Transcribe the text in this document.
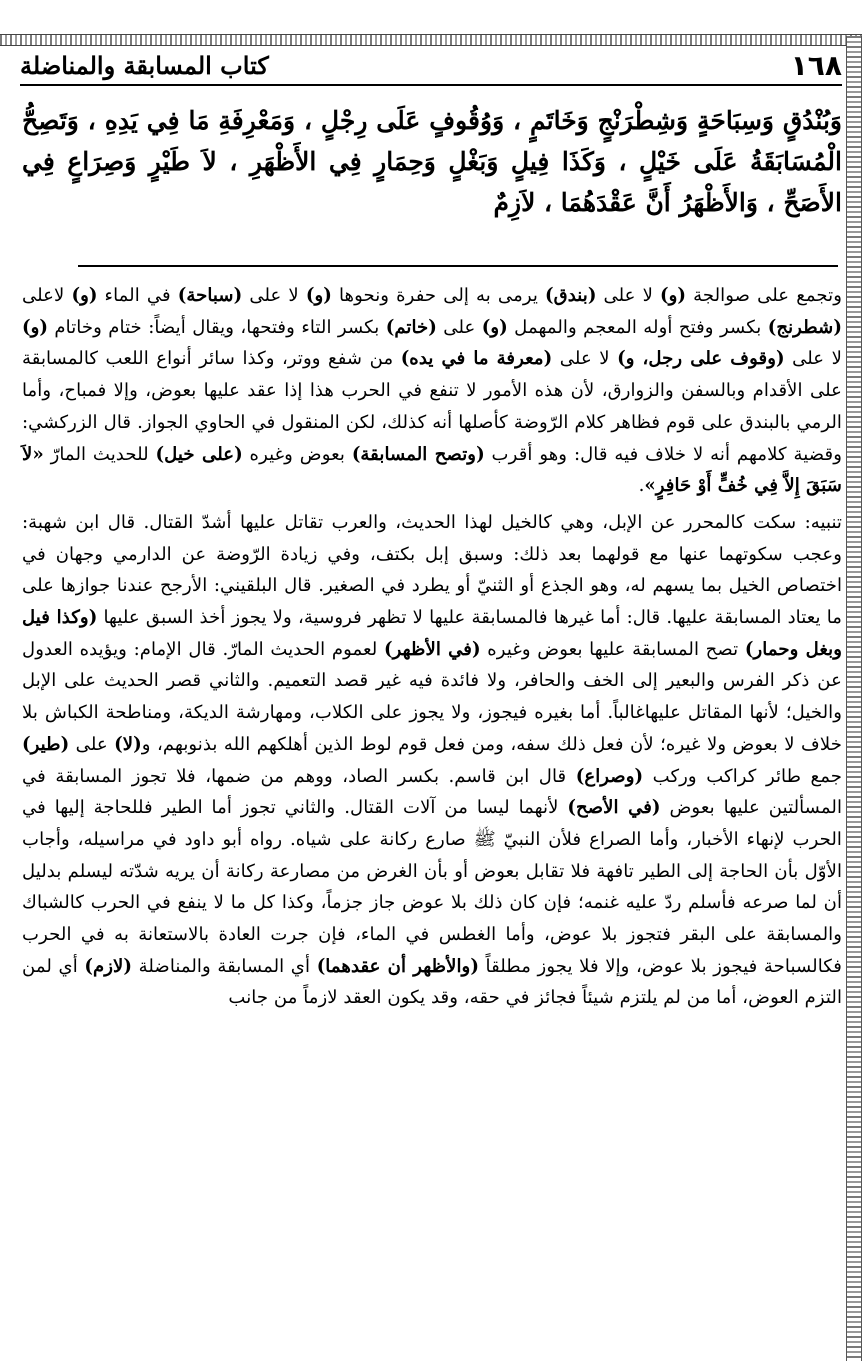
١٦٨
كتاب المسابقة والمناضلة

وَبُنْدُقٍ وَسِبَاحَةٍ وَشِطْرَنْجٍ وَخَاتَمٍ ، وَوُقُوفٍ عَلَى رِجْلٍ ، وَمَعْرِفَةِ مَا فِي يَدِهِ ، وَتَصِحُّ الْمُسَابَقَةُ عَلَى خَيْلٍ ، وَكَذَا فِيلٍ وَبَغْلٍ وَحِمَارٍ فِي الأَظْهَرِ ، لاَ طَيْرٍ وَصِرَاعٍ فِي الأَصَحِّ ، وَالأَظْهَرُ أَنَّ عَقْدَهُمَا ، لاَزِمٌ

وتجمع على صوالجة (و) لا على (بندق) يرمى به إلى حفرة ونحوها (و) لا على (سباحة) في الماء (و) لاعلى (شطرنج) بكسر وفتح أوله المعجم والمهمل (و) على (خاتم) بكسر التاء وفتحها، ويقال أيضاً: ختام وخاتام (و) لا على (وقوف على رجل، و) لا على (معرفة ما في يده) من شفع ووتر، وكذا سائر أنواع اللعب كالمسابقة على الأقدام وبالسفن والزوارق، لأن هذه الأمور لا تنفع في الحرب هذا إذا عقد عليها بعوض، وإلا فمباح، وأما الرمي بالبندق على قوم فظاهر كلام الرّوضة كأصلها أنه كذلك، لكن المنقول في الحاوي الجواز. قال الزركشي: وقضية كلامهم أنه لا خلاف فيه قال: وهو أقرب (وتصح المسابقة) بعوض وغيره (على خيل) للحديث المارّ «لاَ سَبَقَ إِلاَّ فِي خُفٍّ أَوْ حَافِرٍ».

تنبيه: سكت كالمحرر عن الإبل، وهي كالخيل لهذا الحديث، والعرب تقاتل عليها أشدّ القتال. قال ابن شهبة: وعجب سكوتهما عنها مع قولهما بعد ذلك: وسبق إبل بكتف، وفي زيادة الرّوضة عن الدارمي وجهان في اختصاص الخيل بما يسهم له، وهو الجذع أو الثنيّ أو يطرد في الصغير. قال البلقيني: الأرجح عندنا جوازها على ما يعتاد المسابقة عليها. قال: أما غيرها فالمسابقة عليها لا تظهر فروسية، ولا يجوز أخذ السبق عليها (وكذا فيل وبغل وحمار) تصح المسابقة عليها بعوض وغيره (في الأظهر) لعموم الحديث المارّ. قال الإمام: ويؤيده العدول عن ذكر الفرس والبعير إلى الخف والحافر، ولا فائدة فيه غير قصد التعميم. والثاني قصر الحديث على الإبل والخيل؛ لأنها المقاتل عليهاغالباً. أما بغيره فيجوز، ولا يجوز على الكلاب، ومهارشة الديكة، ومناطحة الكباش بلا خلاف لا بعوض ولا غيره؛ لأن فعل ذلك سفه، ومن فعل قوم لوط الذين أهلكهم الله بذنوبهم، و(لا) على (طير) جمع طائر كراكب وركب (وصراع) قال ابن قاسم. بكسر الصاد، ووهم من ضمها، فلا تجوز المسابقة في المسألتين عليها بعوض (في الأصح) لأنهما ليسا من آلات القتال. والثاني تجوز أما الطير فللحاجة إليها في الحرب لإنهاء الأخبار، وأما الصراع فلأن النبيّ ﷺ صارع ركانة على شياه. رواه أبو داود في مراسيله، وأجاب الأوّل بأن الحاجة إلى الطير تافهة فلا تقابل بعوض أو بأن الغرض من مصارعة ركانة أن يريه شدّته ليسلم بدليل أن لما صرعه فأسلم ردّ عليه غنمه؛ فإن كان ذلك بلا عوض جاز جزماً، وكذا كل ما لا ينفع في الحرب كالشباك والمسابقة على البقر فتجوز بلا عوض، وأما الغطس في الماء، فإن جرت العادة بالاستعانة به في الحرب فكالسباحة فيجوز بلا عوض، وإلا فلا يجوز مطلقاً (والأظهر أن عقدهما) أي المسابقة والمناضلة (لازم) أي لمن التزم العوض، أما من لم يلتزم شيئاً فجائز في حقه، وقد يكون العقد لازماً من جانب
